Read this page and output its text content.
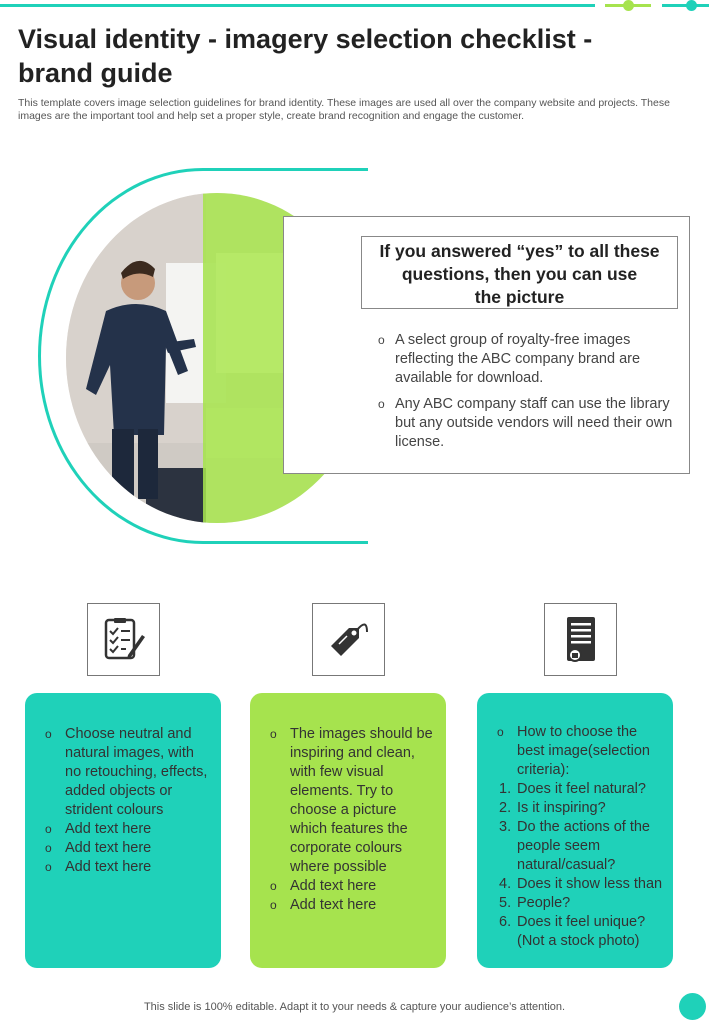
Visual identity - imagery selection checklist -
brand guide

This template covers image selection guidelines for brand identity. These images are used all over the company website and projects. These images are the important tool and help set a proper style, create brand recognition and engage the customer.

If you answered “yes” to all these
questions, then you can use
the picture
o A select group of royalty-free images reflecting the ABC company brand are available for download.
o Any ABC company staff can use the library but any outside vendors will need their own license.
o Choose neutral and natural images, with no retouching, effects, added objects or strident colours
o Add text here
o Add text here
o Add text here
o The images should be inspiring and clean, with few visual elements. Try to choose a picture which features the corporate colours where possible
o Add text here
o Add text here
o How to choose the best image(selection criteria):
1. Does it feel natural?
2. Is it inspiring?
3. Do the actions of the people seem natural/casual?
4. Does it show less than
5. People?
6. Does it feel unique? (Not a stock photo)

This slide is 100% editable. Adapt it to your needs & capture your audience’s attention.
